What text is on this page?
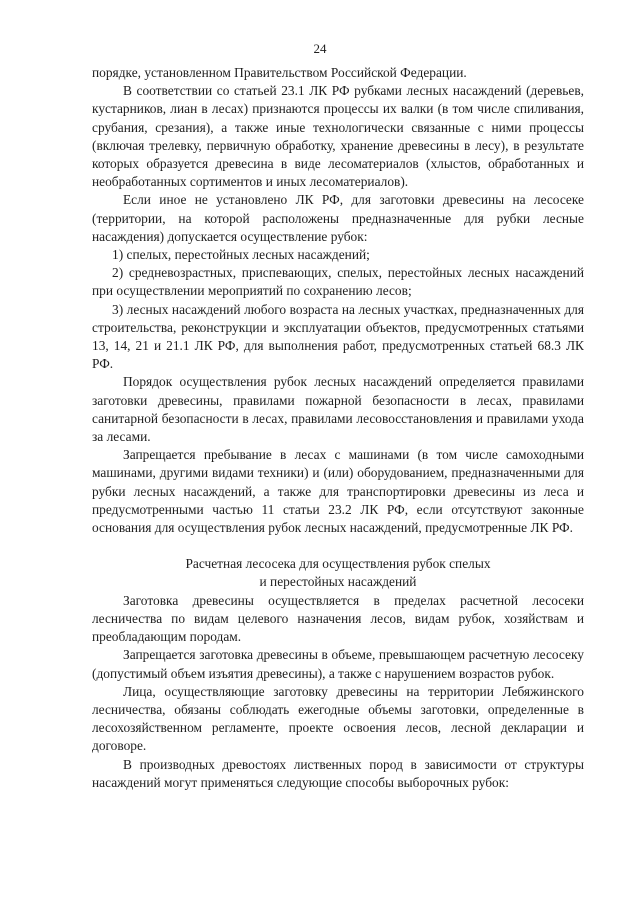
24

порядке, установленном Правительством Российской Федерации.

В соответствии со статьей 23.1 ЛК РФ рубками лесных насаждений (деревьев, кустарников, лиан в лесах) признаются процессы их валки (в том числе спиливания, срубания, срезания), а также иные технологически связанные с ними процессы (включая трелевку, первичную обработку, хранение древесины в лесу), в результате которых образуется древесина в виде лесоматериалов (хлыстов, обработанных и необработанных сортиментов и иных лесоматериалов).

Если иное не установлено ЛК РФ, для заготовки древесины на лесосеке (территории, на которой расположены предназначенные для рубки лесные насаждения) допускается осуществление рубок:

1) спелых, перестойных лесных насаждений;

2) средневозрастных, приспевающих, спелых, перестойных лесных насаждений при осуществлении мероприятий по сохранению лесов;

3) лесных насаждений любого возраста на лесных участках, предназначенных для строительства, реконструкции и эксплуатации объектов, предусмотренных статьями 13, 14, 21 и 21.1 ЛК РФ, для выполнения работ, предусмотренных статьей 68.3 ЛК РФ.

Порядок осуществления рубок лесных насаждений определяется правилами заготовки древесины, правилами пожарной безопасности в лесах, правилами санитарной безопасности в лесах, правилами лесовосстановления и правилами ухода за лесами.

Запрещается пребывание в лесах с машинами (в том числе самоходными машинами, другими видами техники) и (или) оборудованием, предназначенными для рубки лесных насаждений, а также для транспортировки древесины из леса и предусмотренными частью 11 статьи 23.2 ЛК РФ, если отсутствуют законные основания для осуществления рубок лесных насаждений, предусмотренные ЛК РФ.

Расчетная лесосека для осуществления рубок спелых
и перестойных насаждений

Заготовка древесины осуществляется в пределах расчетной лесосеки лесничества по видам целевого назначения лесов, видам рубок, хозяйствам и преобладающим породам.

Запрещается заготовка древесины в объеме, превышающем расчетную лесосеку (допустимый объем изъятия древесины), а также с нарушением возрастов рубок.

Лица, осуществляющие заготовку древесины на территории Лебяжинского лесничества, обязаны соблюдать ежегодные объемы заготовки, определенные в лесохозяйственном регламенте, проекте освоения лесов, лесной декларации и договоре.

В производных древостоях лиственных пород в зависимости от структуры насаждений могут применяться следующие способы выборочных рубок:
